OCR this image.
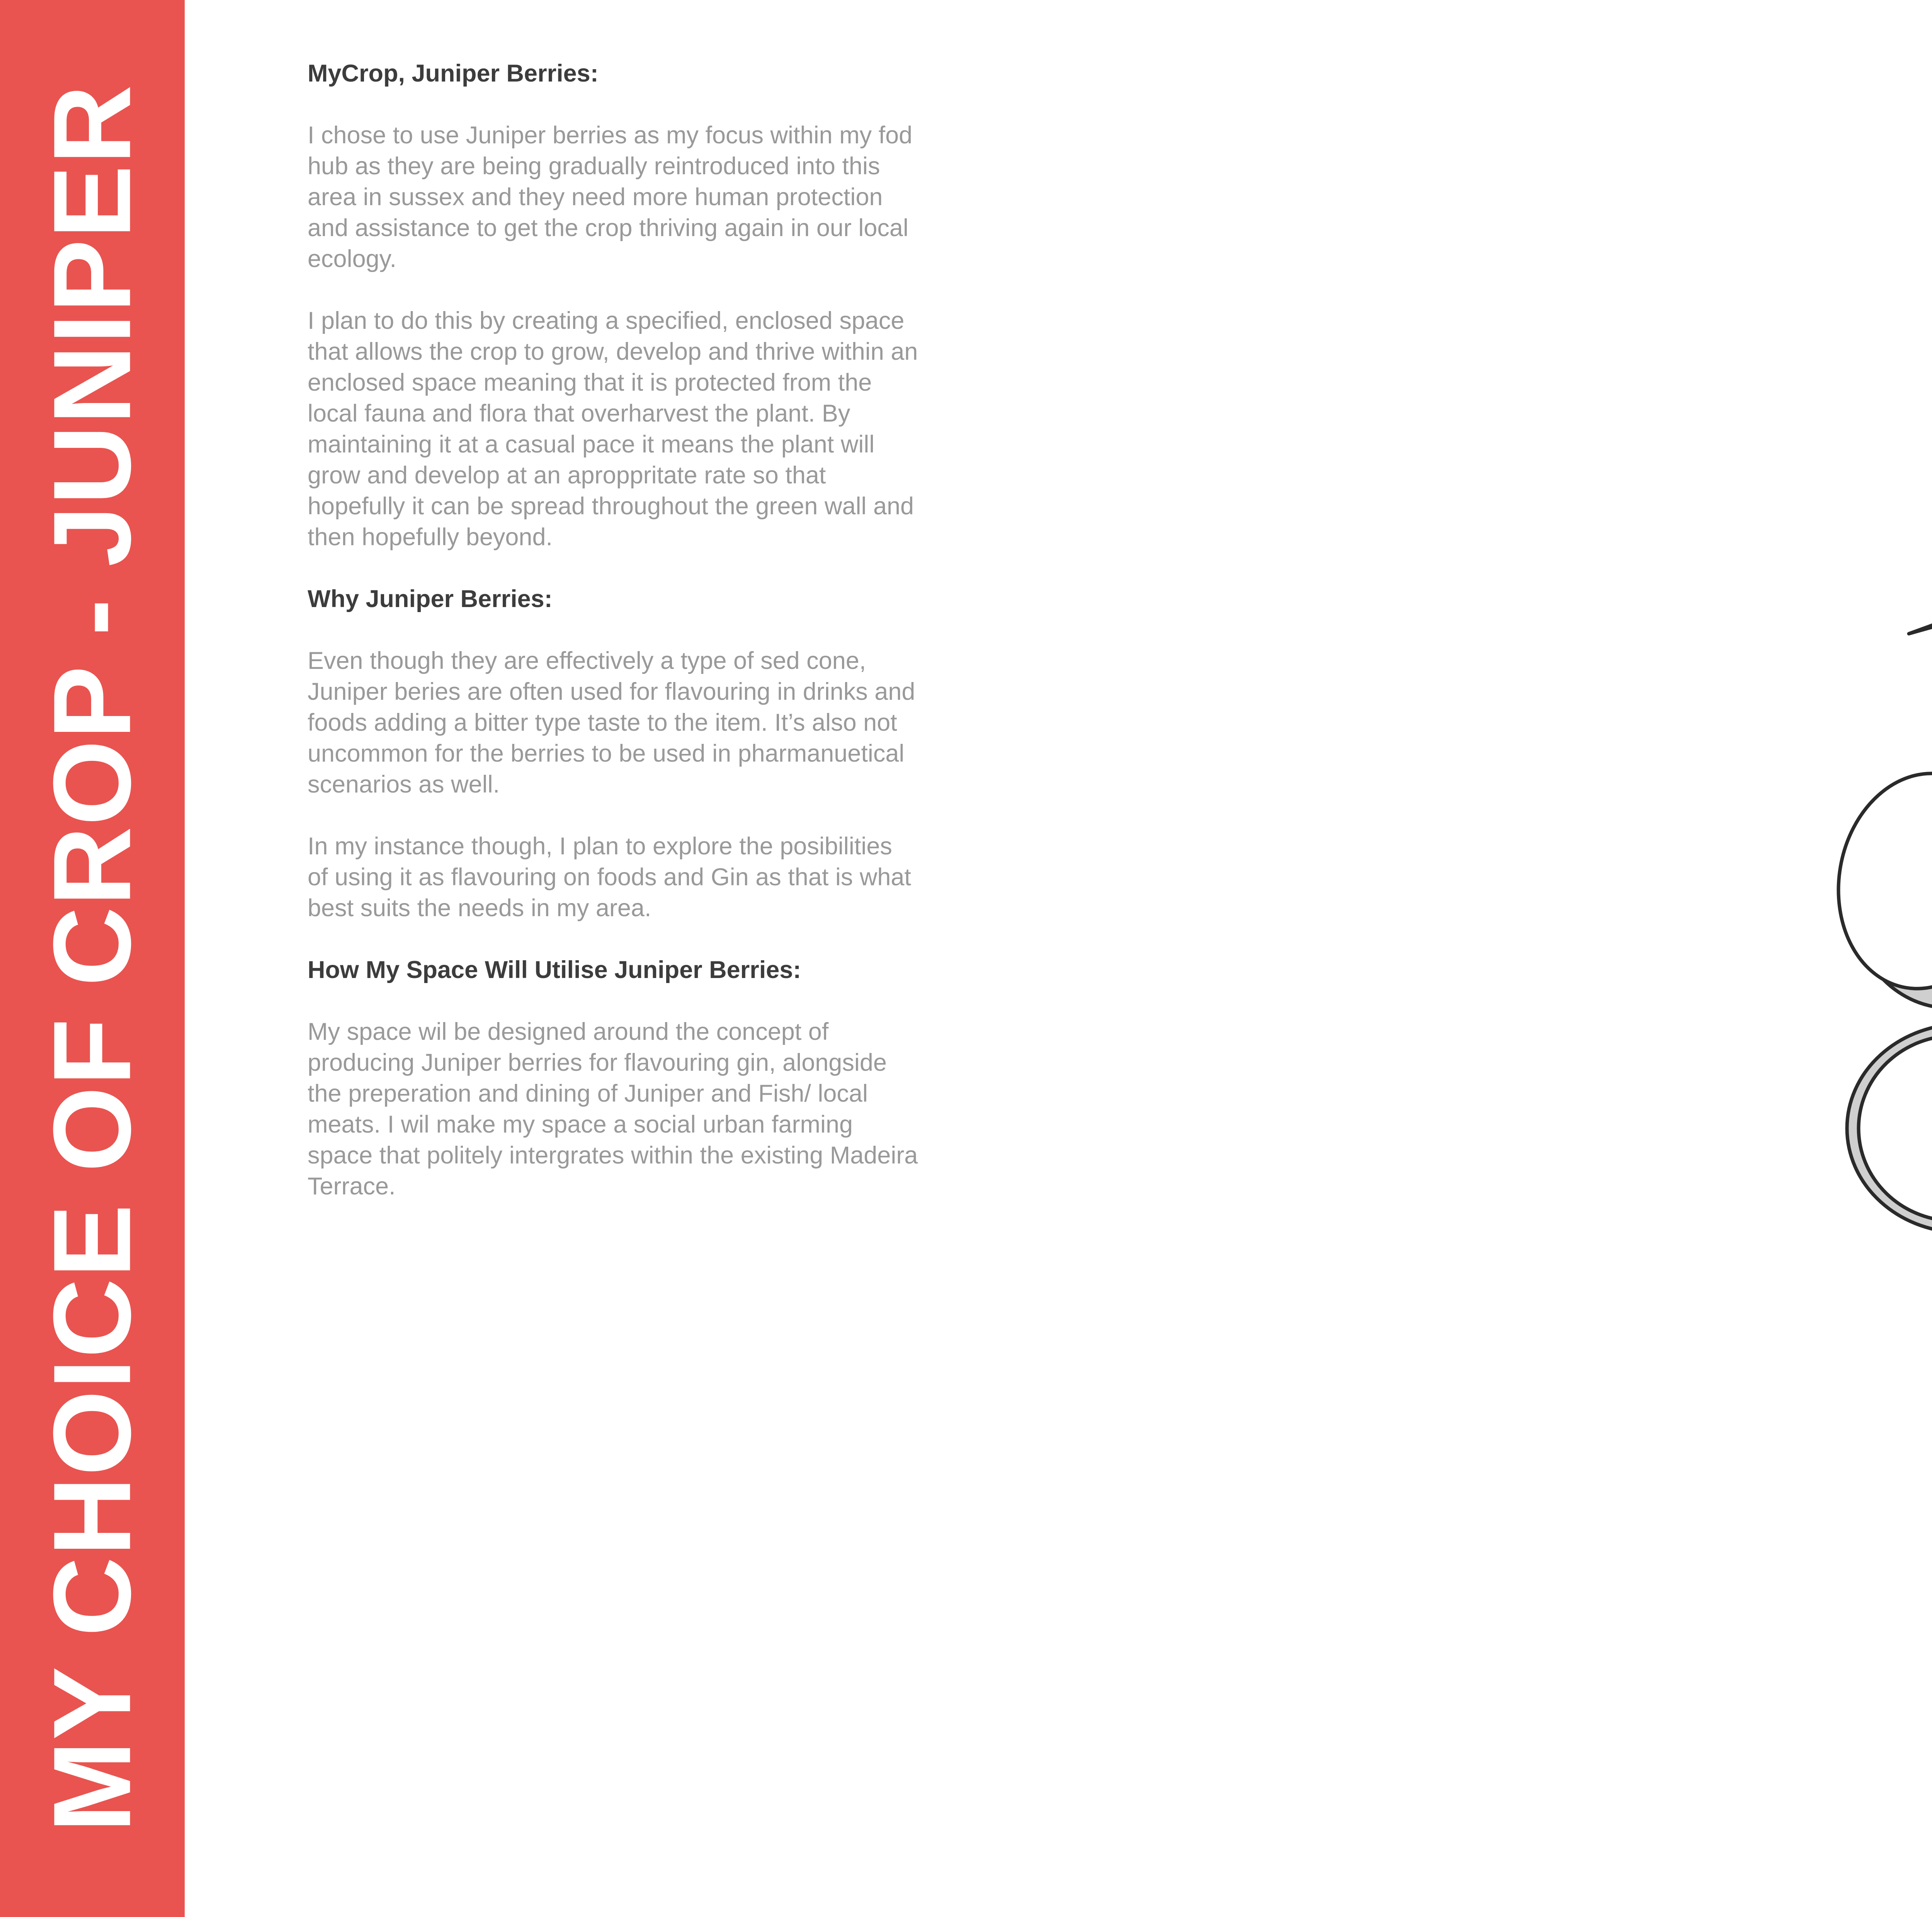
MY CHOICE OF CROP - JUNIPER
MyCrop, Juniper Berries:
I chose to use Juniper berries as my focus within my fod hub as they are being gradually reintroduced into this area in sussex and they need more human protection and assistance to get the crop thriving again in our local ecology.
I plan to do this by creating a specified, enclosed space that allows the crop to grow, develop and thrive within an enclosed space meaning that it is protected from the local fauna and flora that overharvest the plant. By maintaining it at a casual pace it means the plant will grow and develop at an aproppritate rate so that hopefully it can be spread throughout the green wall and then hopefully beyond.
Why Juniper Berries:
Even though they are effectively a type of sed cone, Juniper beries are often used for flavouring in drinks and foods adding a bitter type taste to the item. It’s also not uncommon for the berries to be used in pharmanuetical scenarios as well.
In my instance though, I plan to explore the posibilities of using it as flavouring on foods and Gin as that is what best suits the needs in my area.
How My Space Will Utilise Juniper Berries:
My space wil be designed around the concept of producing Juniper berries for flavouring gin, alongside the preperation and dining of Juniper and Fish/ local meats. I wil make my space a social urban farming space that politely intergrates within the existing Madeira Terrace.
